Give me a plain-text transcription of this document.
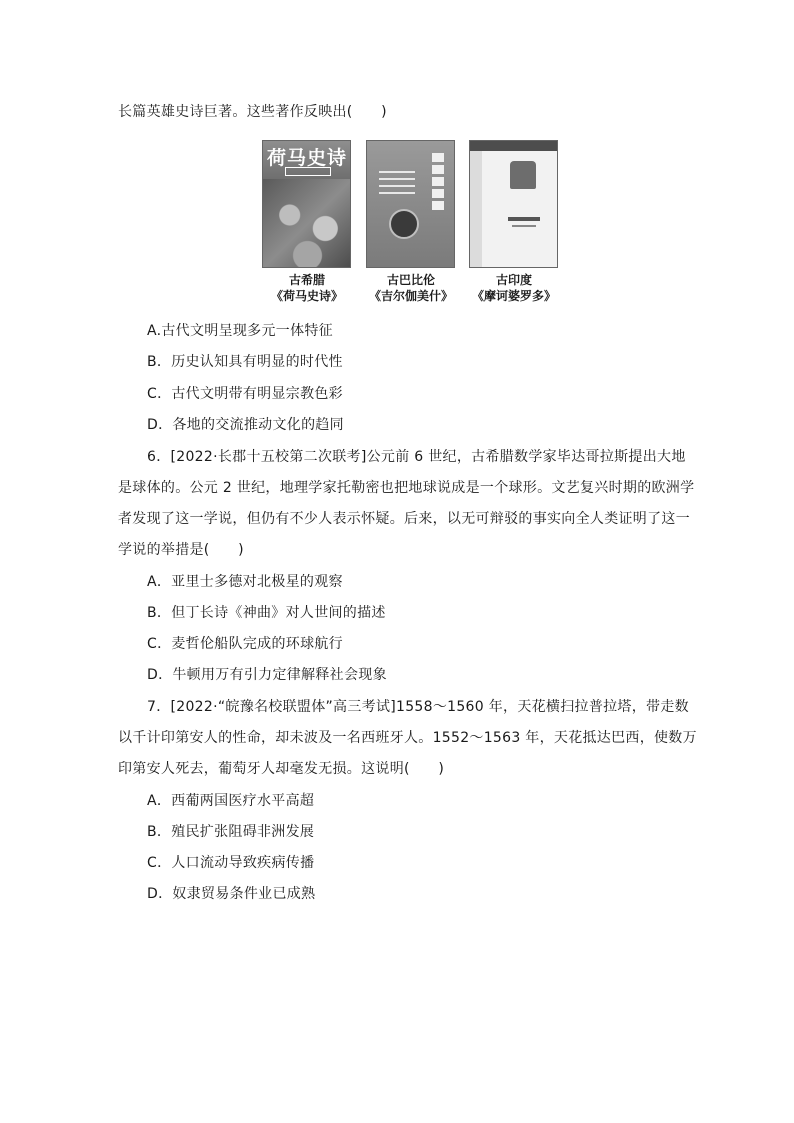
长篇英雄史诗巨著。这些著作反映出(　　)
荷马史诗
古希腊
《荷马史诗》
古巴比伦
《吉尔伽美什》
古印度
《摩诃婆罗多》
A.古代文明呈现多元一体特征
B．历史认知具有明显的时代性
C．古代文明带有明显宗教色彩
D．各地的交流推动文化的趋同
6．[2022·长郡十五校第二次联考]公元前 6 世纪，古希腊数学家毕达哥拉斯提出大地
是球体的。公元 2 世纪，地理学家托勒密也把地球说成是一个球形。文艺复兴时期的欧洲学
者发现了这一学说，但仍有不少人表示怀疑。后来，以无可辩驳的事实向全人类证明了这一
学说的举措是(　　)
A．亚里士多德对北极星的观察
B．但丁长诗《神曲》对人世间的描述
C．麦哲伦船队完成的环球航行
D．牛顿用万有引力定律解释社会现象
7．[2022·“皖豫名校联盟体”高三考试]1558～1560 年，天花横扫拉普拉塔，带走数
以千计印第安人的性命，却未波及一名西班牙人。1552～1563 年，天花抵达巴西，使数万
印第安人死去，葡萄牙人却毫发无损。这说明(　　)
A．西葡两国医疗水平高超
B．殖民扩张阻碍非洲发展
C．人口流动导致疾病传播
D．奴隶贸易条件业已成熟
